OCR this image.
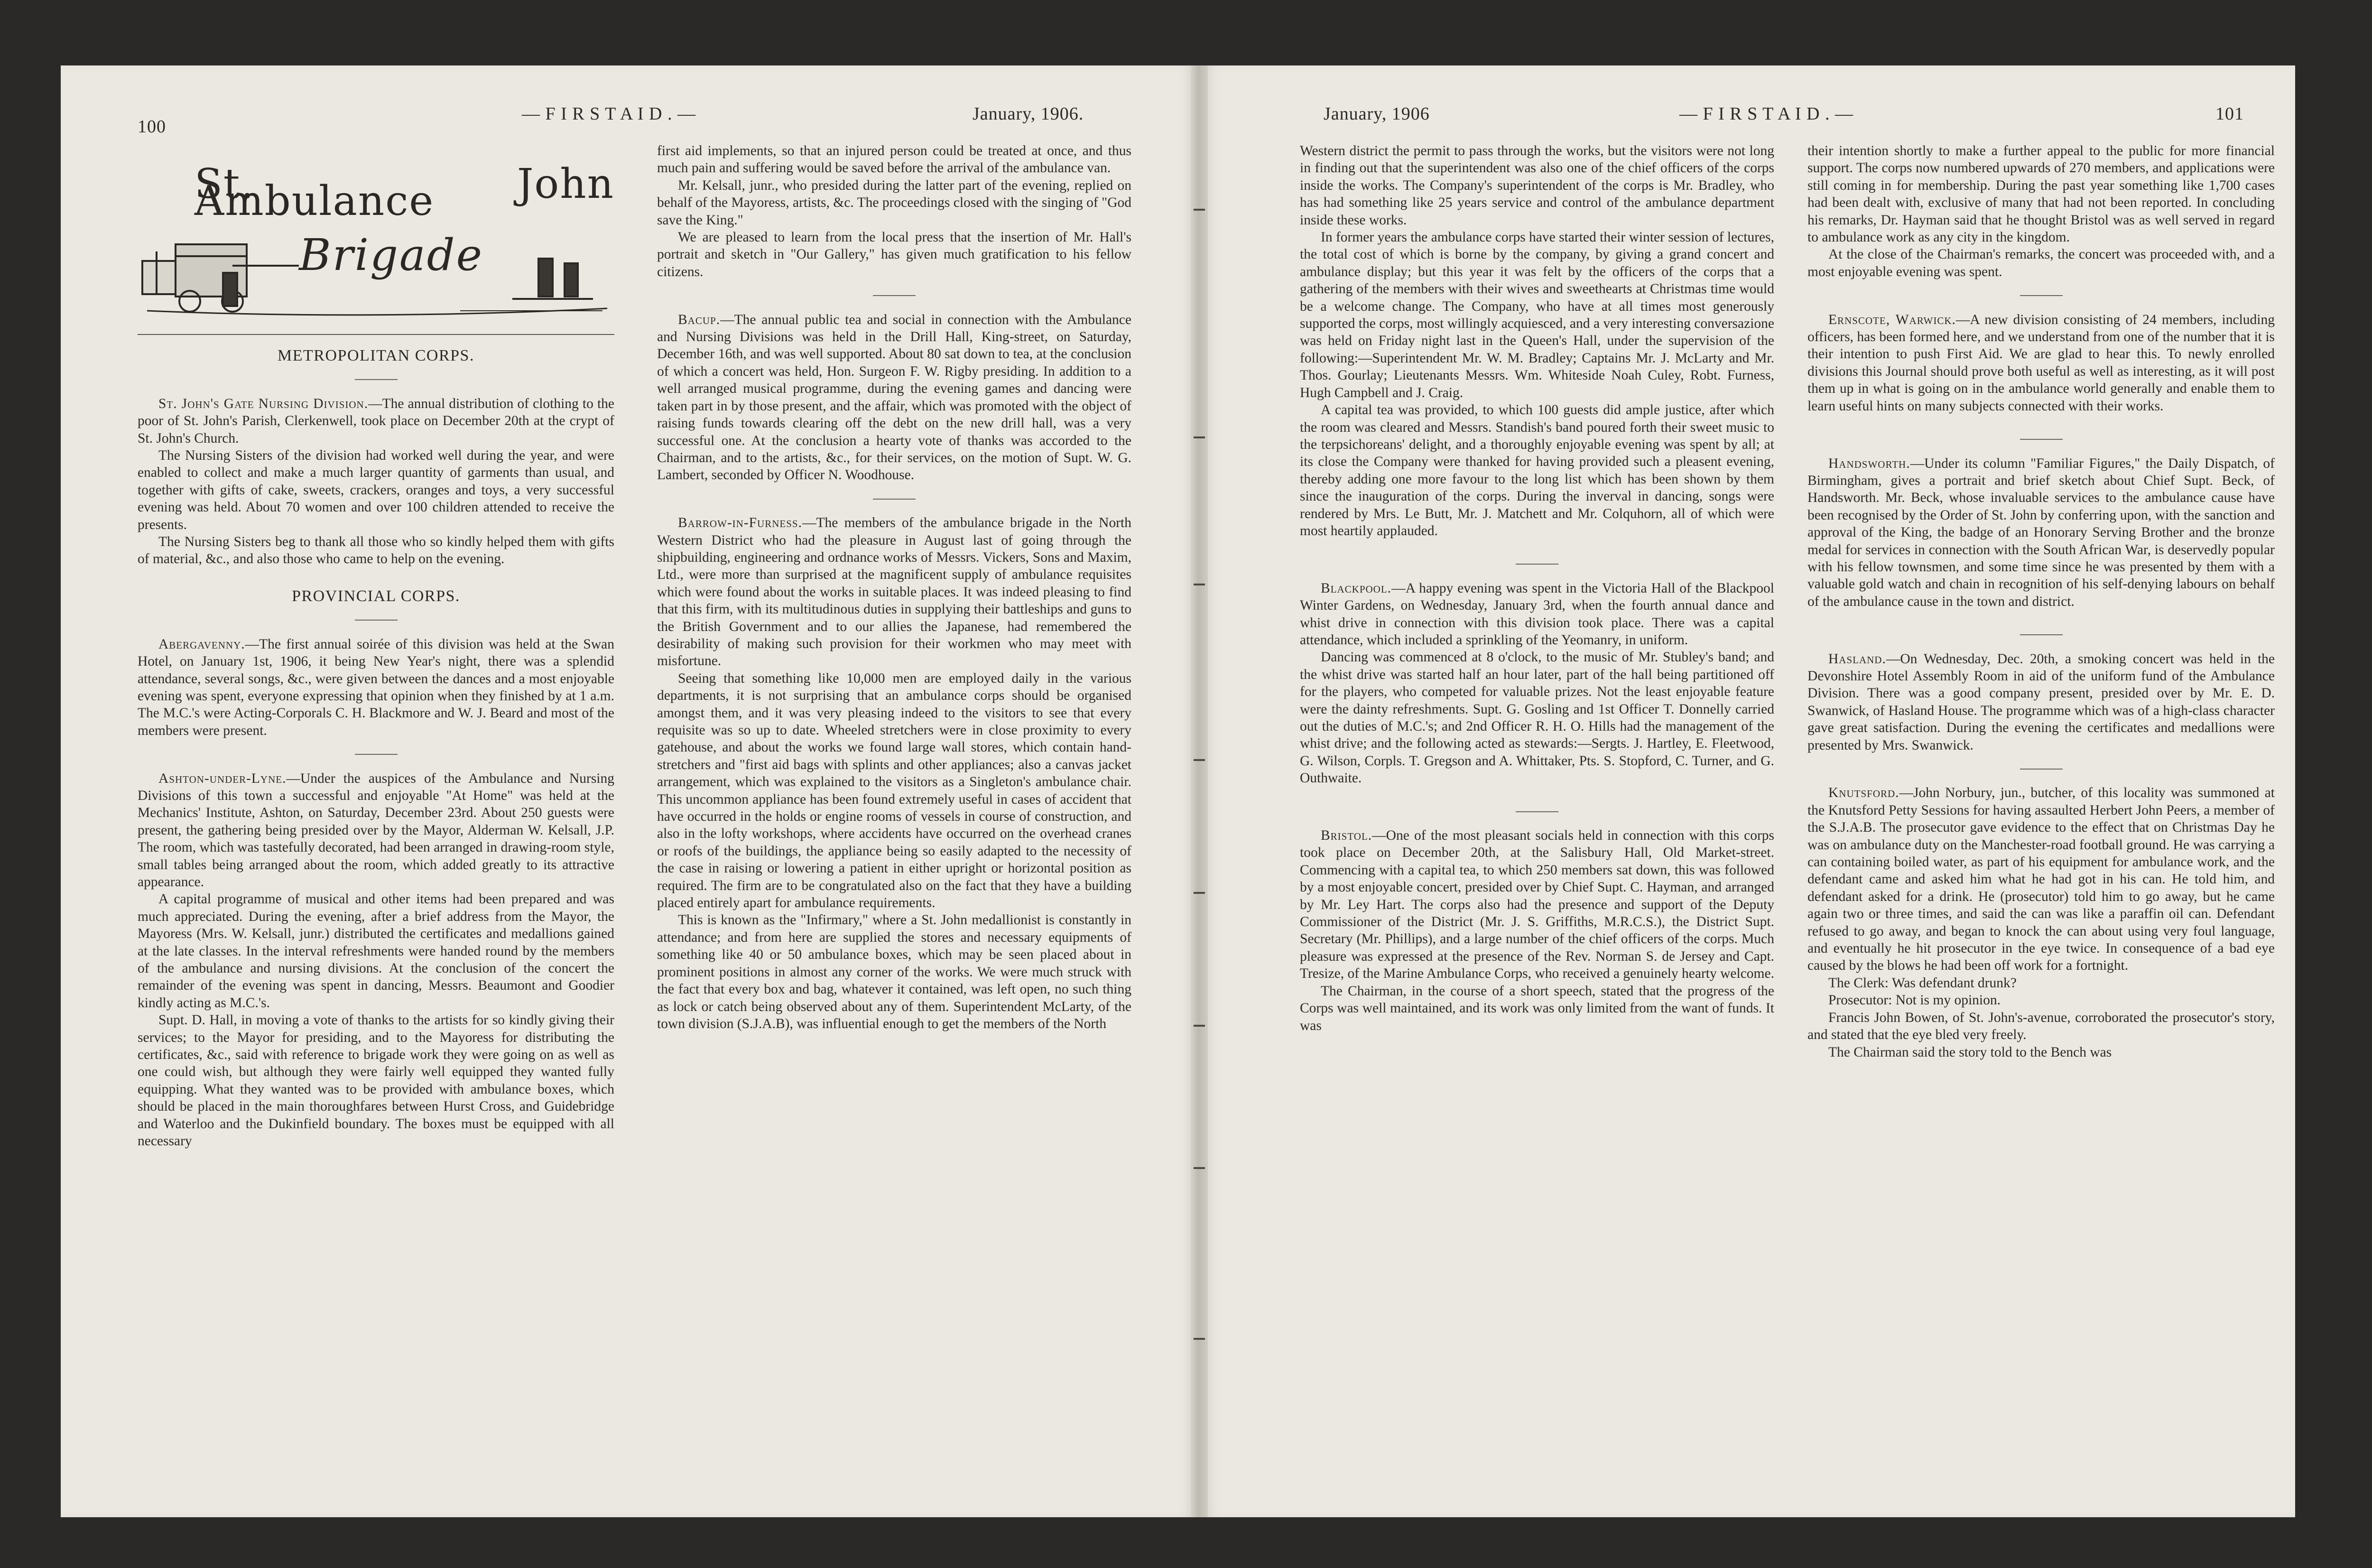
100
— F I R S T A I D . —	January, 1906.	January, 1906	— F I R S T A I D . —	101
St. John Ambulance
Brigade
METROPOLITAN CORPS.

St. John's Gate Nursing Division.—The annual distribution of clothing to the poor of St. John's Parish, Clerkenwell, took place on December 20th at the crypt of St. John's Church.

The Nursing Sisters of the division had worked well during the year, and were enabled to collect and make a much larger quantity of garments than usual, and together with gifts of cake, sweets, crackers, oranges and toys, a very successful evening was held. About 70 women and over 100 children attended to receive the presents.

The Nursing Sisters beg to thank all those who so kindly helped them with gifts of material, &c., and also those who came to help on the evening.

PROVINCIAL CORPS.

Abergavenny.—The first annual soirée of this division was held at the Swan Hotel, on January 1st, 1906, it being New Year's night, there was a splendid attendance, several songs, &c., were given between the dances and a most enjoyable evening was spent, everyone expressing that opinion when they finished by at 1 a.m. The M.C.'s were Acting-Corporals C. H. Blackmore and W. J. Beard and most of the members were present.

Ashton-under-Lyne.—Under the auspices of the Ambulance and Nursing Divisions of this town a successful and enjoyable "At Home" was held at the Mechanics' Institute, Ashton, on Saturday, December 23rd. About 250 guests were present, the gathering being presided over by the Mayor, Alderman W. Kelsall, J.P. The room, which was tastefully decorated, had been arranged in drawing-room style, small tables being arranged about the room, which added greatly to its attractive appearance.

A capital programme of musical and other items had been prepared and was much appreciated. During the evening, after a brief address from the Mayor, the Mayoress (Mrs. W. Kelsall, junr.) distributed the certificates and medallions gained at the late classes. In the interval refreshments were handed round by the members of the ambulance and nursing divisions. At the conclusion of the concert the remainder of the evening was spent in dancing, Messrs. Beaumont and Goodier kindly acting as M.C.'s.

Supt. D. Hall, in moving a vote of thanks to the artists for so kindly giving their services; to the Mayor for presiding, and to the Mayoress for distributing the certificates, &c., said with reference to brigade work they were going on as well as one could wish, but although they were fairly well equipped they wanted fully equipping. What they wanted was to be provided with ambulance boxes, which should be placed in the main thoroughfares between Hurst Cross, and Guidebridge and Waterloo and the Dukinfield boundary. The boxes must be equipped with all necessary

first aid implements, so that an injured person could be treated at once, and thus much pain and suffering would be saved before the arrival of the ambulance van.

Mr. Kelsall, junr., who presided during the latter part of the evening, replied on behalf of the Mayoress, artists, &c. The proceedings closed with the singing of "God save the King."

We are pleased to learn from the local press that the insertion of Mr. Hall's portrait and sketch in "Our Gallery," has given much gratification to his fellow citizens.

Bacup.—The annual public tea and social in connection with the Ambulance and Nursing Divisions was held in the Drill Hall, King-street, on Saturday, December 16th, and was well supported. About 80 sat down to tea, at the conclusion of which a concert was held, Hon. Surgeon F. W. Rigby presiding. In addition to a well arranged musical programme, during the evening games and dancing were taken part in by those present, and the affair, which was promoted with the object of raising funds towards clearing off the debt on the new drill hall, was a very successful one. At the conclusion a hearty vote of thanks was accorded to the Chairman, and to the artists, &c., for their services, on the motion of Supt. W. G. Lambert, seconded by Officer N. Woodhouse.

Barrow-in-Furness.—The members of the ambulance brigade in the North Western District who had the pleasure in August last of going through the shipbuilding, engineering and ordnance works of Messrs. Vickers, Sons and Maxim, Ltd., were more than surprised at the magnificent supply of ambulance requisites which were found about the works in suitable places. It was indeed pleasing to find that this firm, with its multitudinous duties in supplying their battleships and guns to the British Government and to our allies the Japanese, had remembered the desirability of making such provision for their workmen who may meet with misfortune.

Seeing that something like 10,000 men are employed daily in the various departments, it is not surprising that an ambulance corps should be organised amongst them, and it was very pleasing indeed to the visitors to see that every requisite was so up to date. Wheeled stretchers were in close proximity to every gatehouse, and about the works we found large wall stores, which contain hand-stretchers and "first aid bags with splints and other appliances; also a canvas jacket arrangement, which was explained to the visitors as a Singleton's ambulance chair. This uncommon appliance has been found extremely useful in cases of accident that have occurred in the holds or engine rooms of vessels in course of construction, and also in the lofty workshops, where accidents have occurred on the overhead cranes or roofs of the buildings, the appliance being so easily adapted to the necessity of the case in raising or lowering a patient in either upright or horizontal position as required. The firm are to be congratulated also on the fact that they have a building placed entirely apart for ambulance requirements.

This is known as the "Infirmary," where a St. John medallionist is constantly in attendance; and from here are supplied the stores and necessary equipments of something like 40 or 50 ambulance boxes, which may be seen placed about in prominent positions in almost any corner of the works. We were much struck with the fact that every box and bag, whatever it contained, was left open, no such thing as lock or catch being observed about any of them. Superintendent McLarty, of the town division (S.J.A.B), was influential enough to get the members of the North

Western district the permit to pass through the works, but the visitors were not long in finding out that the superintendent was also one of the chief officers of the corps inside the works. The Company's superintendent of the corps is Mr. Bradley, who has had something like 25 years service and control of the ambulance department inside these works.

In former years the ambulance corps have started their winter session of lectures, the total cost of which is borne by the company, by giving a grand concert and ambulance display; but this year it was felt by the officers of the corps that a gathering of the members with their wives and sweethearts at Christmas time would be a welcome change. The Company, who have at all times most generously supported the corps, most willingly acquiesced, and a very interesting conversazione was held on Friday night last in the Queen's Hall, under the supervision of the following:—Superintendent Mr. W. M. Bradley; Captains Mr. J. McLarty and Mr. Thos. Gourlay; Lieutenants Messrs. Wm. Whiteside Noah Culey, Robt. Furness, Hugh Campbell and J. Craig.

A capital tea was provided, to which 100 guests did ample justice, after which the room was cleared and Messrs. Standish's band poured forth their sweet music to the terpsichoreans' delight, and a thoroughly enjoyable evening was spent by all; at its close the Company were thanked for having provided such a pleasent evening, thereby adding one more favour to the long list which has been shown by them since the inauguration of the corps. During the inverval in dancing, songs were rendered by Mrs. Le Butt, Mr. J. Matchett and Mr. Colquhorn, all of which were most heartily applauded.

Blackpool.—A happy evening was spent in the Victoria Hall of the Blackpool Winter Gardens, on Wednesday, January 3rd, when the fourth annual dance and whist drive in connection with this division took place. There was a capital attendance, which included a sprinkling of the Yeomanry, in uniform.

Dancing was commenced at 8 o'clock, to the music of Mr. Stubley's band; and the whist drive was started half an hour later, part of the hall being partitioned off for the players, who competed for valuable prizes. Not the least enjoyable feature were the dainty refreshments. Supt. G. Gosling and 1st Officer T. Donnelly carried out the duties of M.C.'s; and 2nd Officer R. H. O. Hills had the management of the whist drive; and the following acted as stewards:—Sergts. J. Hartley, E. Fleetwood, G. Wilson, Corpls. T. Gregson and A. Whittaker, Pts. S. Stopford, C. Turner, and G. Outhwaite.

Bristol.—One of the most pleasant socials held in connection with this corps took place on December 20th, at the Salisbury Hall, Old Market-street. Commencing with a capital tea, to which 250 members sat down, this was followed by a most enjoyable concert, presided over by Chief Supt. C. Hayman, and arranged by Mr. Ley Hart. The corps also had the presence and support of the Deputy Commissioner of the District (Mr. J. S. Griffiths, M.R.C.S.), the District Supt. Secretary (Mr. Phillips), and a large number of the chief officers of the corps. Much pleasure was expressed at the presence of the Rev. Norman S. de Jersey and Capt. Tresize, of the Marine Ambulance Corps, who received a genuinely hearty welcome.

The Chairman, in the course of a short speech, stated that the progress of the Corps was well maintained, and its work was only limited from the want of funds. It was

their intention shortly to make a further appeal to the public for more financial support. The corps now numbered upwards of 270 members, and applications were still coming in for membership. During the past year something like 1,700 cases had been dealt with, exclusive of many that had not been reported. In concluding his remarks, Dr. Hayman said that he thought Bristol was as well served in regard to ambulance work as any city in the kingdom.

At the close of the Chairman's remarks, the concert was proceeded with, and a most enjoyable evening was spent.

Ernscote, Warwick.—A new division consisting of 24 members, including officers, has been formed here, and we understand from one of the number that it is their intention to push First Aid. We are glad to hear this. To newly enrolled divisions this Journal should prove both useful as well as interesting, as it will post them up in what is going on in the ambulance world generally and enable them to learn useful hints on many subjects connected with their works.

Handsworth.—Under its column "Familiar Figures," the Daily Dispatch, of Birmingham, gives a portrait and brief sketch about Chief Supt. Beck, of Handsworth. Mr. Beck, whose invaluable services to the ambulance cause have been recognised by the Order of St. John by conferring upon, with the sanction and approval of the King, the badge of an Honorary Serving Brother and the bronze medal for services in connection with the South African War, is deservedly popular with his fellow townsmen, and some time since he was presented by them with a valuable gold watch and chain in recognition of his self-denying labours on behalf of the ambulance cause in the town and district.

Hasland.—On Wednesday, Dec. 20th, a smoking concert was held in the Devonshire Hotel Assembly Room in aid of the uniform fund of the Ambulance Division. There was a good company present, presided over by Mr. E. D. Swanwick, of Hasland House. The programme which was of a high-class character gave great satisfaction. During the evening the certificates and medallions were presented by Mrs. Swanwick.

Knutsford.—John Norbury, jun., butcher, of this locality was summoned at the Knutsford Petty Sessions for having assaulted Herbert John Peers, a member of the S.J.A.B. The prosecutor gave evidence to the effect that on Christmas Day he was on ambulance duty on the Manchester-road football ground. He was carrying a can containing boiled water, as part of his equipment for ambulance work, and the defendant came and asked him what he had got in his can. He told him, and defendant asked for a drink. He (prosecutor) told him to go away, but he came again two or three times, and said the can was like a paraffin oil can. Defendant refused to go away, and began to knock the can about using very foul language, and eventually he hit prosecutor in the eye twice. In consequence of a bad eye caused by the blows he had been off work for a fortnight.

The Clerk: Was defendant drunk?

Prosecutor: Not is my opinion.

Francis John Bowen, of St. John's-avenue, corroborated the prosecutor's story, and stated that the eye bled very freely.

The Chairman said the story told to the Bench was
